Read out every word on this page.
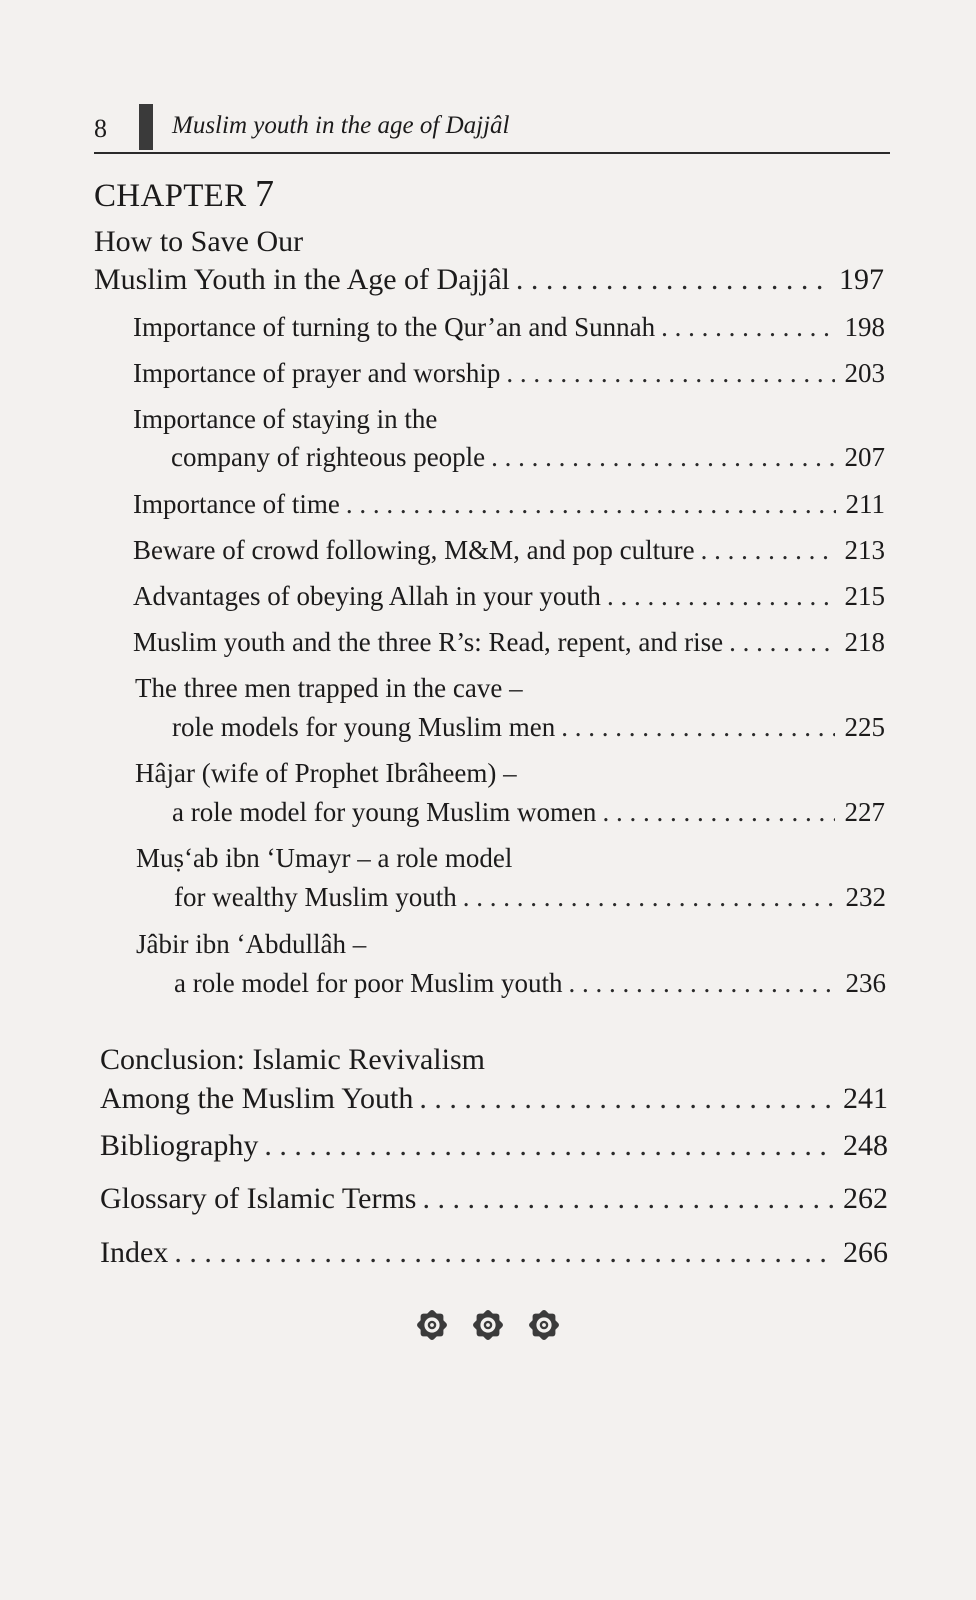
8	Muslim youth in the age of Dajjâl
CHAPTER 7
How to Save Our
Muslim Youth in the Age of Dajjâl . . .	197
Importance of turning to the Qur’an and Sunnah . . .	198
Importance of prayer and worship . . .	203
Importance of staying in the
company of righteous people . . .	207
Importance of time . . .	211
Beware of crowd following, M&M, and pop culture . . .	213
Advantages of obeying Allah in your youth . . .	215
Muslim youth and the three R’s: Read, repent, and rise . . .	218
The three men trapped in the cave –
role models for young Muslim men . . .	225
Hâjar (wife of Prophet Ibrâheem) –
a role model for young Muslim women . . .	227
Muṣ‘ab ibn ‘Umayr – a role model
for wealthy Muslim youth . . .	232
Jâbir ibn ‘Abdullâh –
a role model for poor Muslim youth . . .	236
Conclusion: Islamic Revivalism
Among the Muslim Youth . . .	241
Bibliography . . .	248
Glossary of Islamic Terms . . .	262
Index . . .	266
